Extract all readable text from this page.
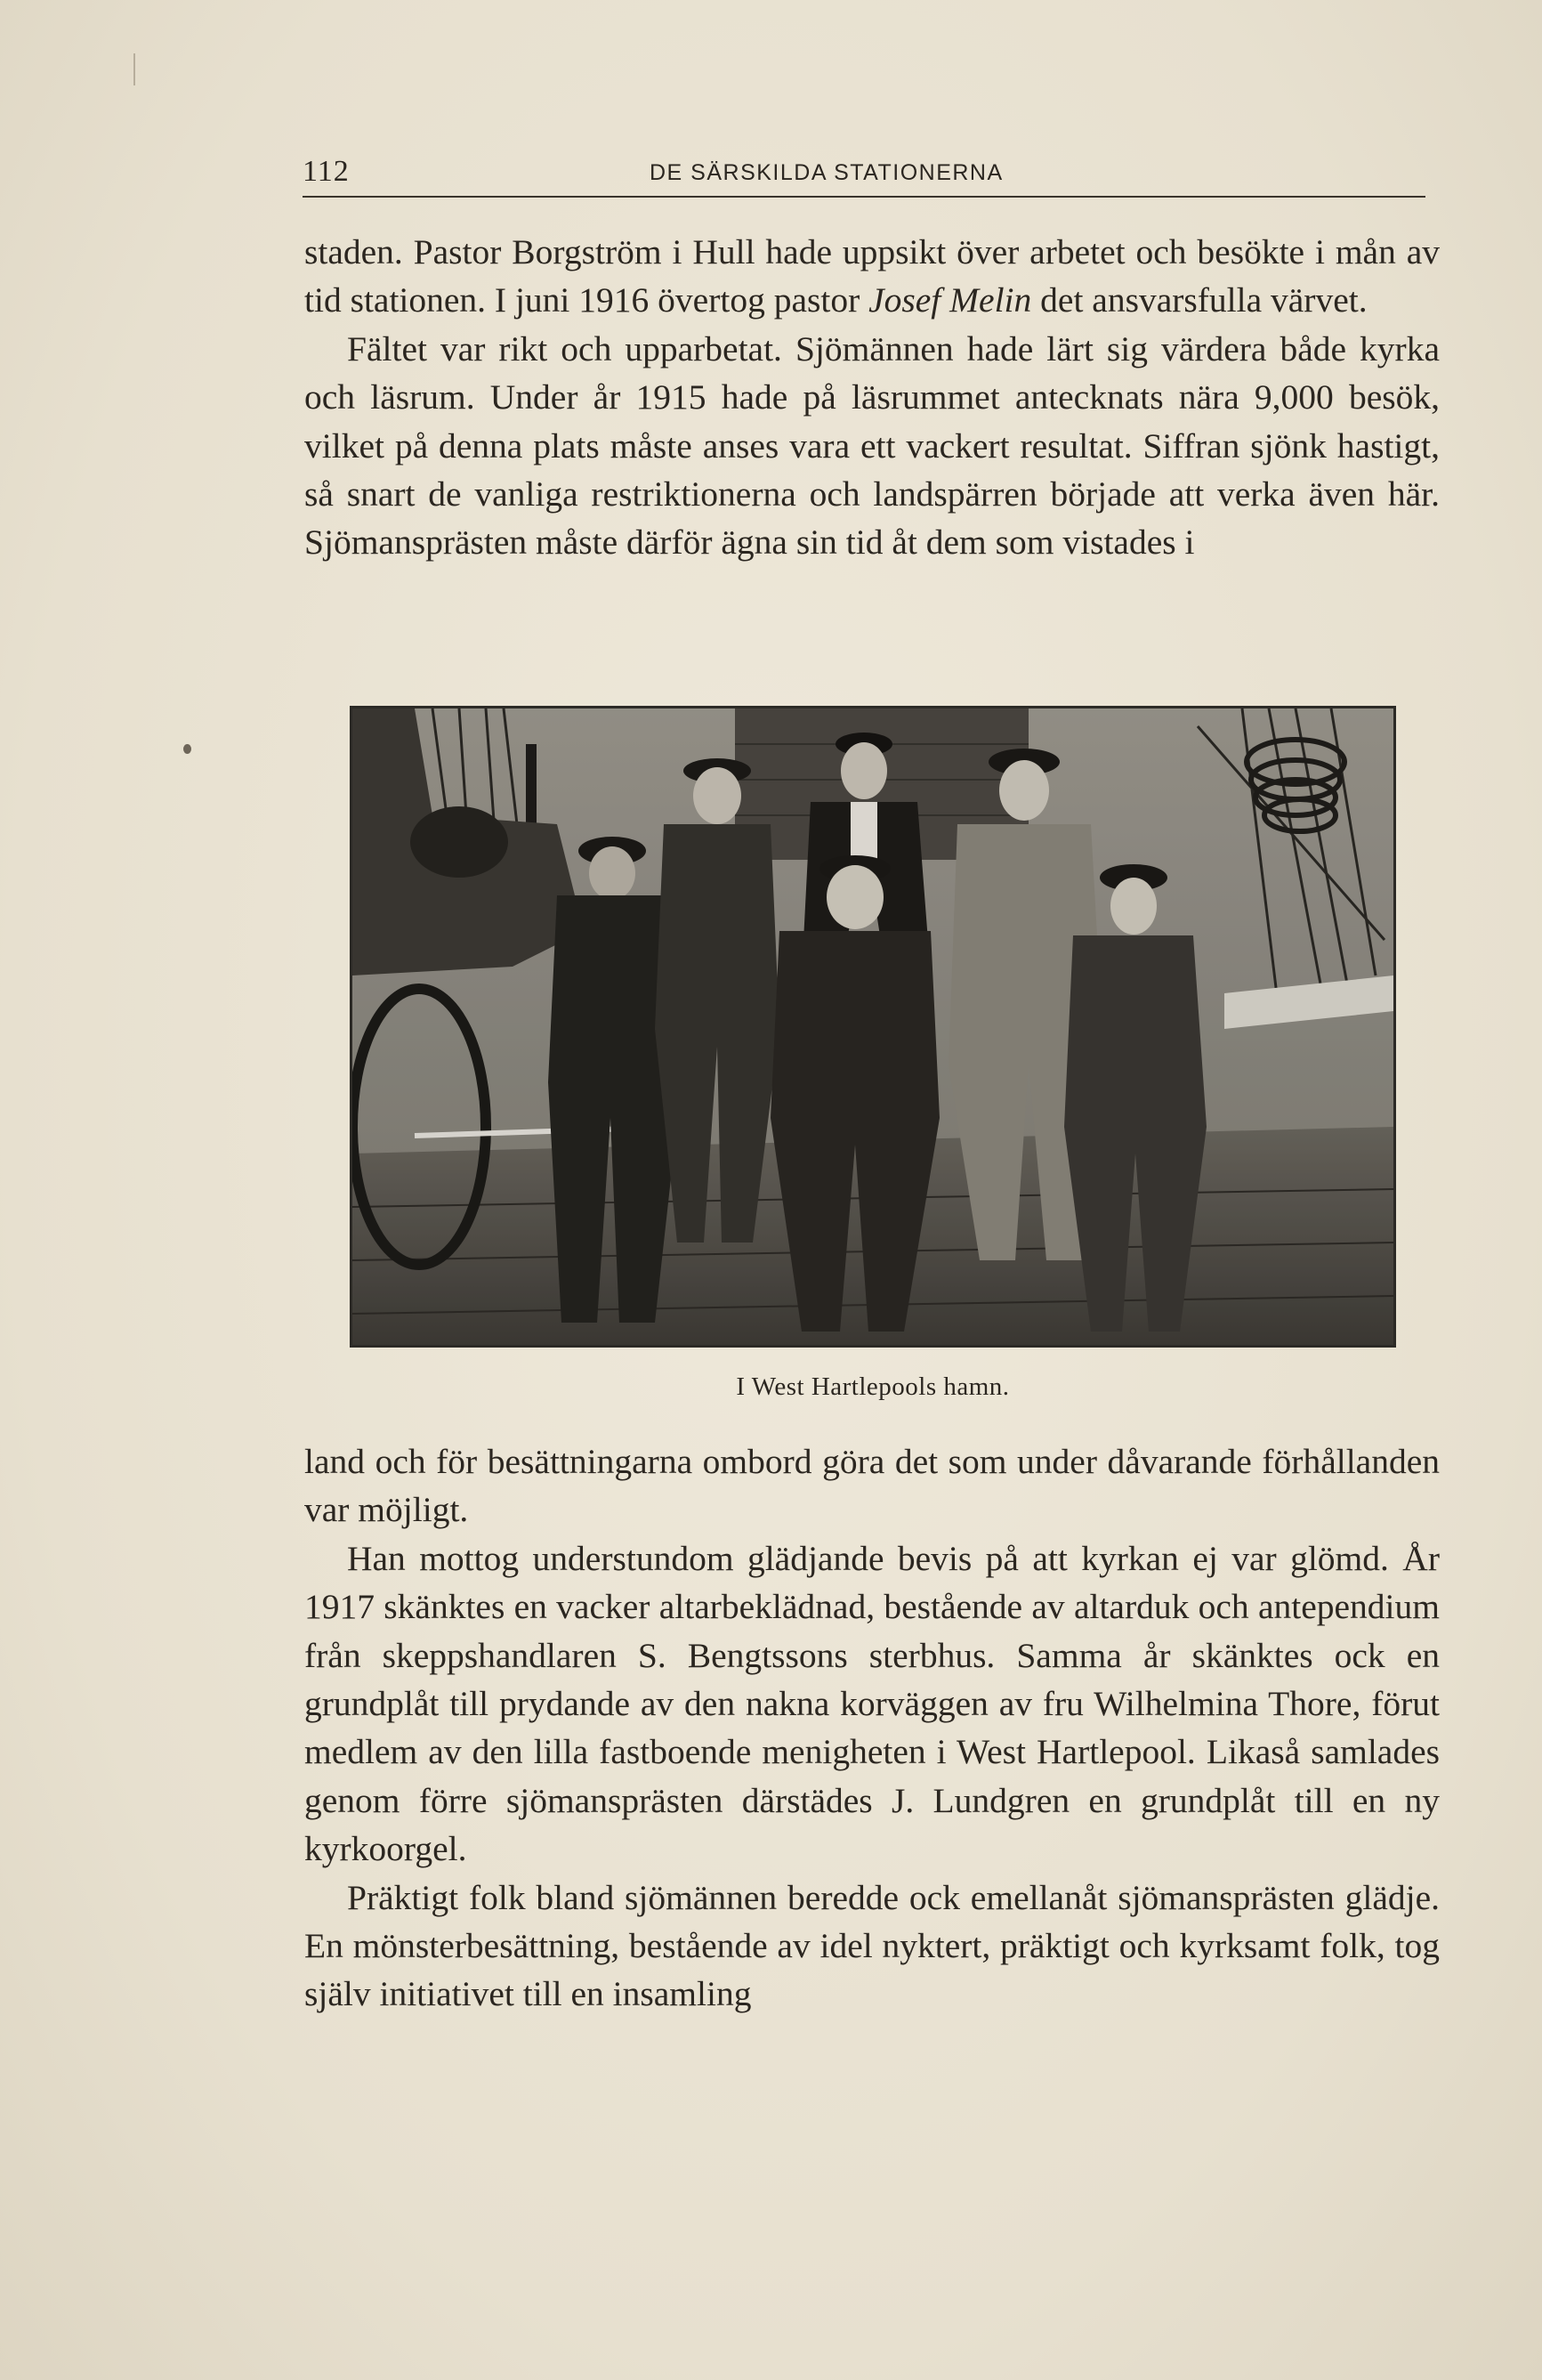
112	DE SÄRSKILDA STATIONERNA

staden. Pastor Borgström i Hull hade uppsikt över arbetet och besökte i mån av tid stationen. I juni 1916 övertog pastor Josef Melin det ansvarsfulla värvet.

Fältet var rikt och upparbetat. Sjömännen hade lärt sig värdera både kyrka och läsrum. Under år 1915 hade på läsrummet antecknats nära 9,000 besök, vilket på denna plats måste anses vara ett vackert resultat. Siffran sjönk hastigt, så snart de vanliga restriktionerna och landspärren började att verka även här. Sjömansprästen måste därför ägna sin tid åt dem som vistades i

I West Hartlepools hamn.

land och för besättningarna ombord göra det som under dåvarande förhållanden var möjligt.

Han mottog understundom glädjande bevis på att kyrkan ej var glömd. År 1917 skänktes en vacker altarbeklädnad, bestående av altarduk och antependium från skeppshandlaren S. Bengtssons sterbhus. Samma år skänktes ock en grundplåt till prydande av den nakna korväggen av fru Wilhelmina Thore, förut medlem av den lilla fastboende menigheten i West Hartlepool. Likaså samlades genom förre sjömansprästen därstädes J. Lundgren en grundplåt till en ny kyrkoorgel.

Präktigt folk bland sjömännen beredde ock emellanåt sjömansprästen glädje. En mönsterbesättning, bestående av idel nyktert, präktigt och kyrksamt folk, tog själv initiativet till en insamling
